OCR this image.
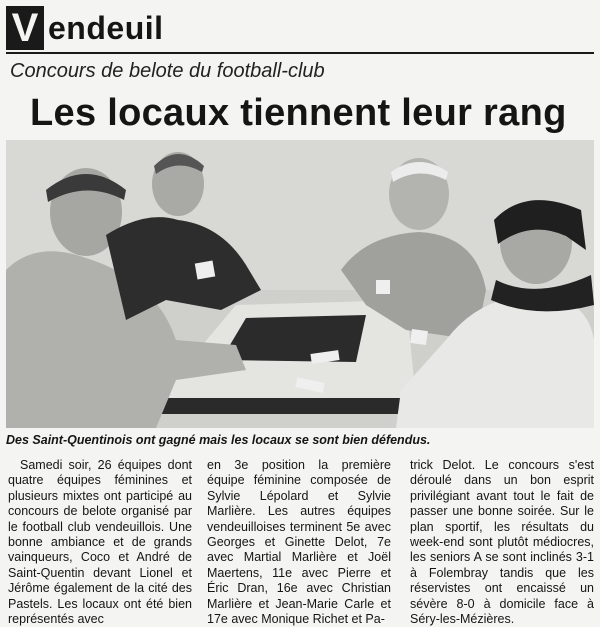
V endeuil
Concours de belote du football-club
Les locaux tiennent leur rang
Des Saint-Quentinois ont gagné mais les locaux se sont bien défendus.

Samedi soir, 26 équipes dont quatre équipes féminines et plusieurs mixtes ont participé au concours de belote organisé par le football club vendeuillois. Une bonne ambiance et de grands vainqueurs, Coco et André de Saint-Quentin devant Lionel et Jérôme également de la cité des Pastels. Les locaux ont été bien représentés avec

en 3e position la première équipe féminine composée de Sylvie Lépolard et Sylvie Marlière. Les autres équipes vendeuilloises terminent 5e avec Georges et Ginette Delot, 7e avec Martial Marlière et Joël Maertens, 11e avec Pierre et Éric Dran, 16e avec Christian Marlière et Jean-Marie Carle et 17e avec Monique Richet et Pa-

trick Delot. Le concours s'est déroulé dans un bon esprit privilégiant avant tout le fait de passer une bonne soirée. Sur le plan sportif, les résultats du week-end sont plutôt médiocres, les seniors A se sont inclinés 3-1 à Folembray tandis que les réservistes ont encaissé un sévère 8-0 à domicile face à Séry-les-Mézières.
